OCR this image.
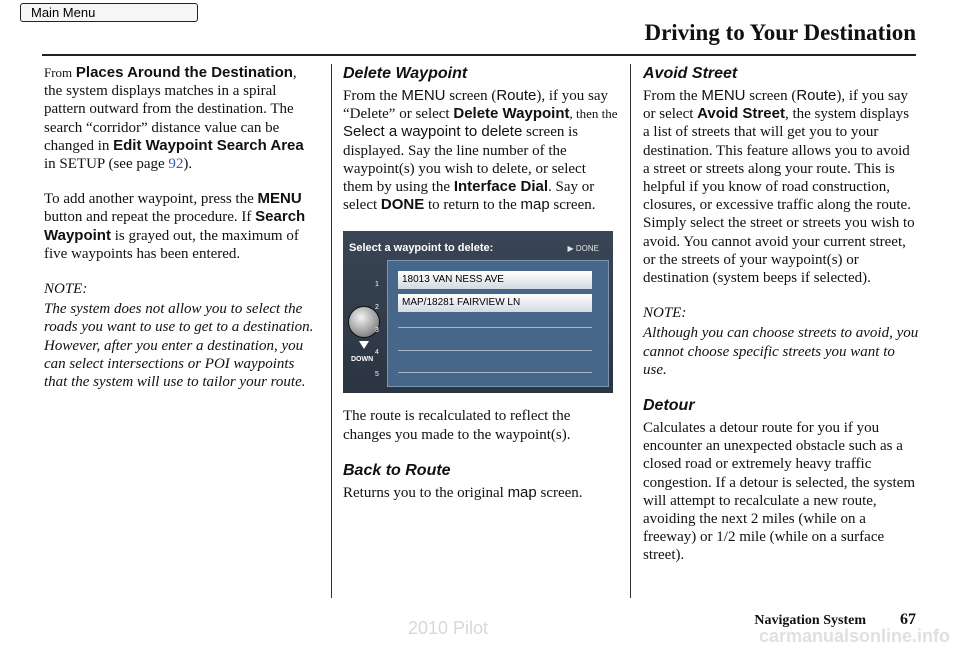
Main Menu
Driving to Your Destination

From Places Around the Destination, the system displays matches in a spiral pattern outward from the destination. The search “corridor” distance value can be changed in Edit Waypoint Search Area in SETUP (see page 92).

To add another waypoint, press the MENU button and repeat the procedure. If Search Waypoint is grayed out, the maximum of five waypoints has been entered.

NOTE:

The system does not allow you to select the roads you want to use to get to a destination. However, after you enter a destination, you can select intersections or POI waypoints that the system will use to tailor your route.

Delete Waypoint

From the MENU screen (Route), if you say “Delete” or select Delete Waypoint, then the Select a waypoint to delete screen is displayed. Say the line number of the waypoint(s) you wish to delete, or select them by using the Interface Dial. Say or select DONE to return to the map screen.

Select a waypoint to delete:	▶ DONE
DOWN
1
2
3
4
5
18013 VAN NESS AVE
MAP/18281 FAIRVIEW LN

The route is recalculated to reflect the changes you made to the waypoint(s).

Back to Route

Returns you to the original map screen.

Avoid Street

From the MENU screen (Route), if you say or select Avoid Street, the system displays a list of streets that will get you to your destination. This feature allows you to avoid a street or streets along your route. This is helpful if you know of road construction, closures, or excessive traffic along the route. Simply select the street or streets you wish to avoid. You cannot avoid your current street, or the streets of your waypoint(s) or destination (system beeps if selected).

NOTE:

Although you can choose streets to avoid, you cannot choose specific streets you want to use.

Detour

Calculates a detour route for you if you encounter an unexpected obstacle such as a closed road or extremely heavy traffic congestion. If a detour is selected, the system will attempt to recalculate a new route, avoiding the next 2 miles (while on a freeway) or 1/2 mile (while on a surface street).

Navigation System 67
2010 Pilot	carmanualsonline.info
